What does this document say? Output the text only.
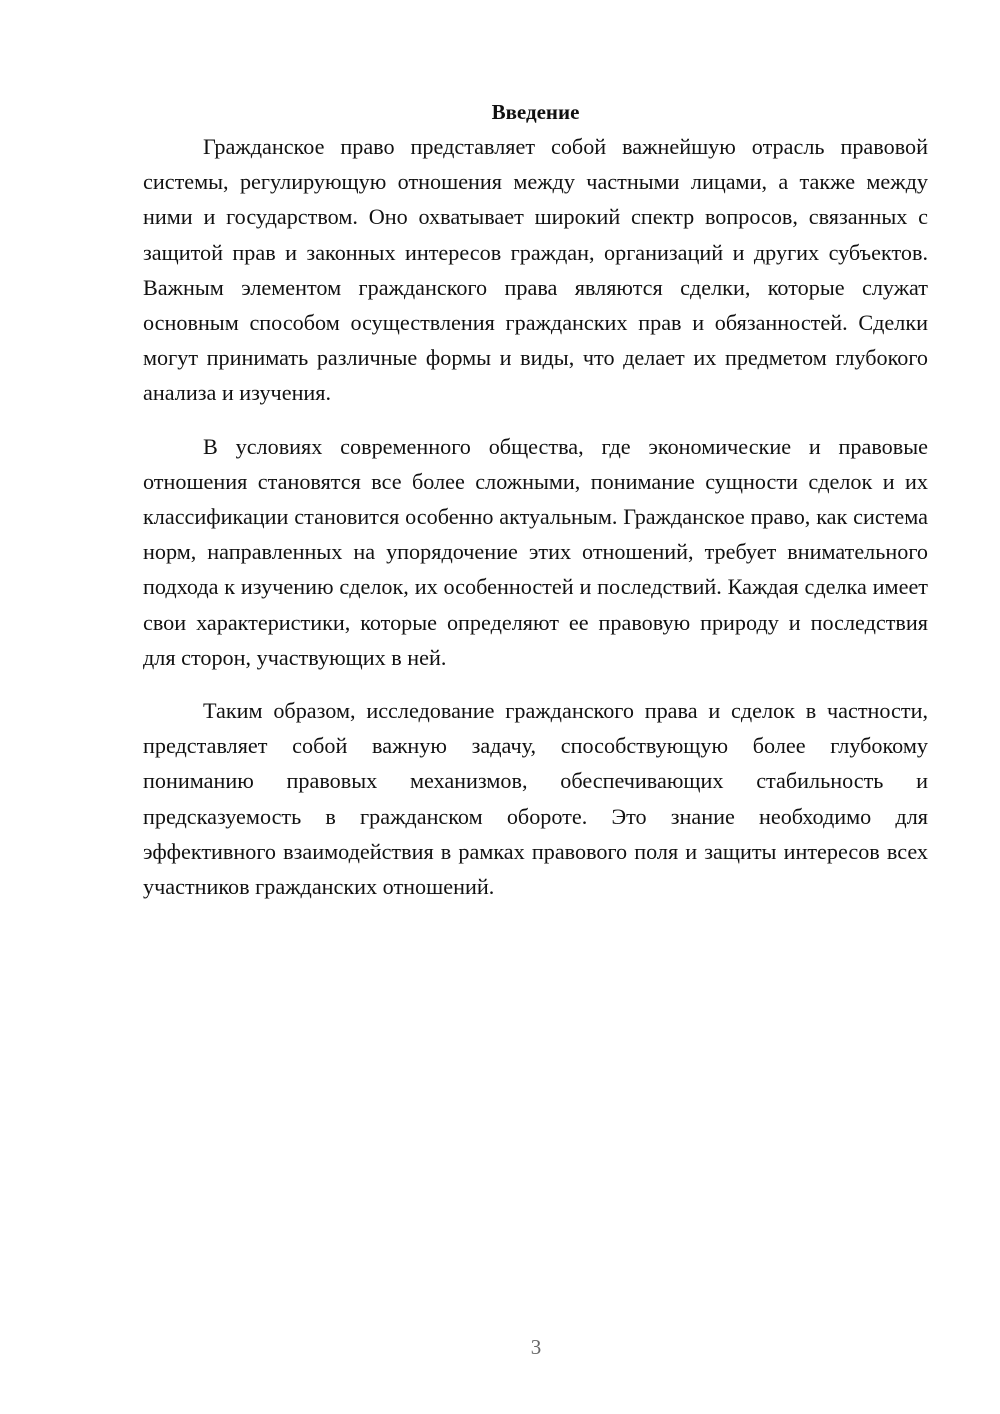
Введение

Гражданское право представляет собой важнейшую отрасль правовой системы, регулирующую отношения между частными лицами, а также между ними и государством. Оно охватывает широкий спектр вопросов, связанных с защитой прав и законных интересов граждан, организаций и других субъектов. Важным элементом гражданского права являются сделки, которые служат основным способом осуществления гражданских прав и обязанностей. Сделки могут принимать различные формы и виды, что делает их предметом глубокого анализа и изучения.

В условиях современного общества, где экономические и правовые отношения становятся все более сложными, понимание сущности сделок и их классификации становится особенно актуальным. Гражданское право, как система норм, направленных на упорядочение этих отношений, требует внимательного подхода к изучению сделок, их особенностей и последствий. Каждая сделка имеет свои характеристики, которые определяют ее правовую природу и последствия для сторон, участвующих в ней.

Таким образом, исследование гражданского права и сделок в частности, представляет собой важную задачу, способствующую более глубокому пониманию правовых механизмов, обеспечивающих стабильность и предсказуемость в гражданском обороте. Это знание необходимо для эффективного взаимодействия в рамках правового поля и защиты интересов всех участников гражданских отношений.

3
